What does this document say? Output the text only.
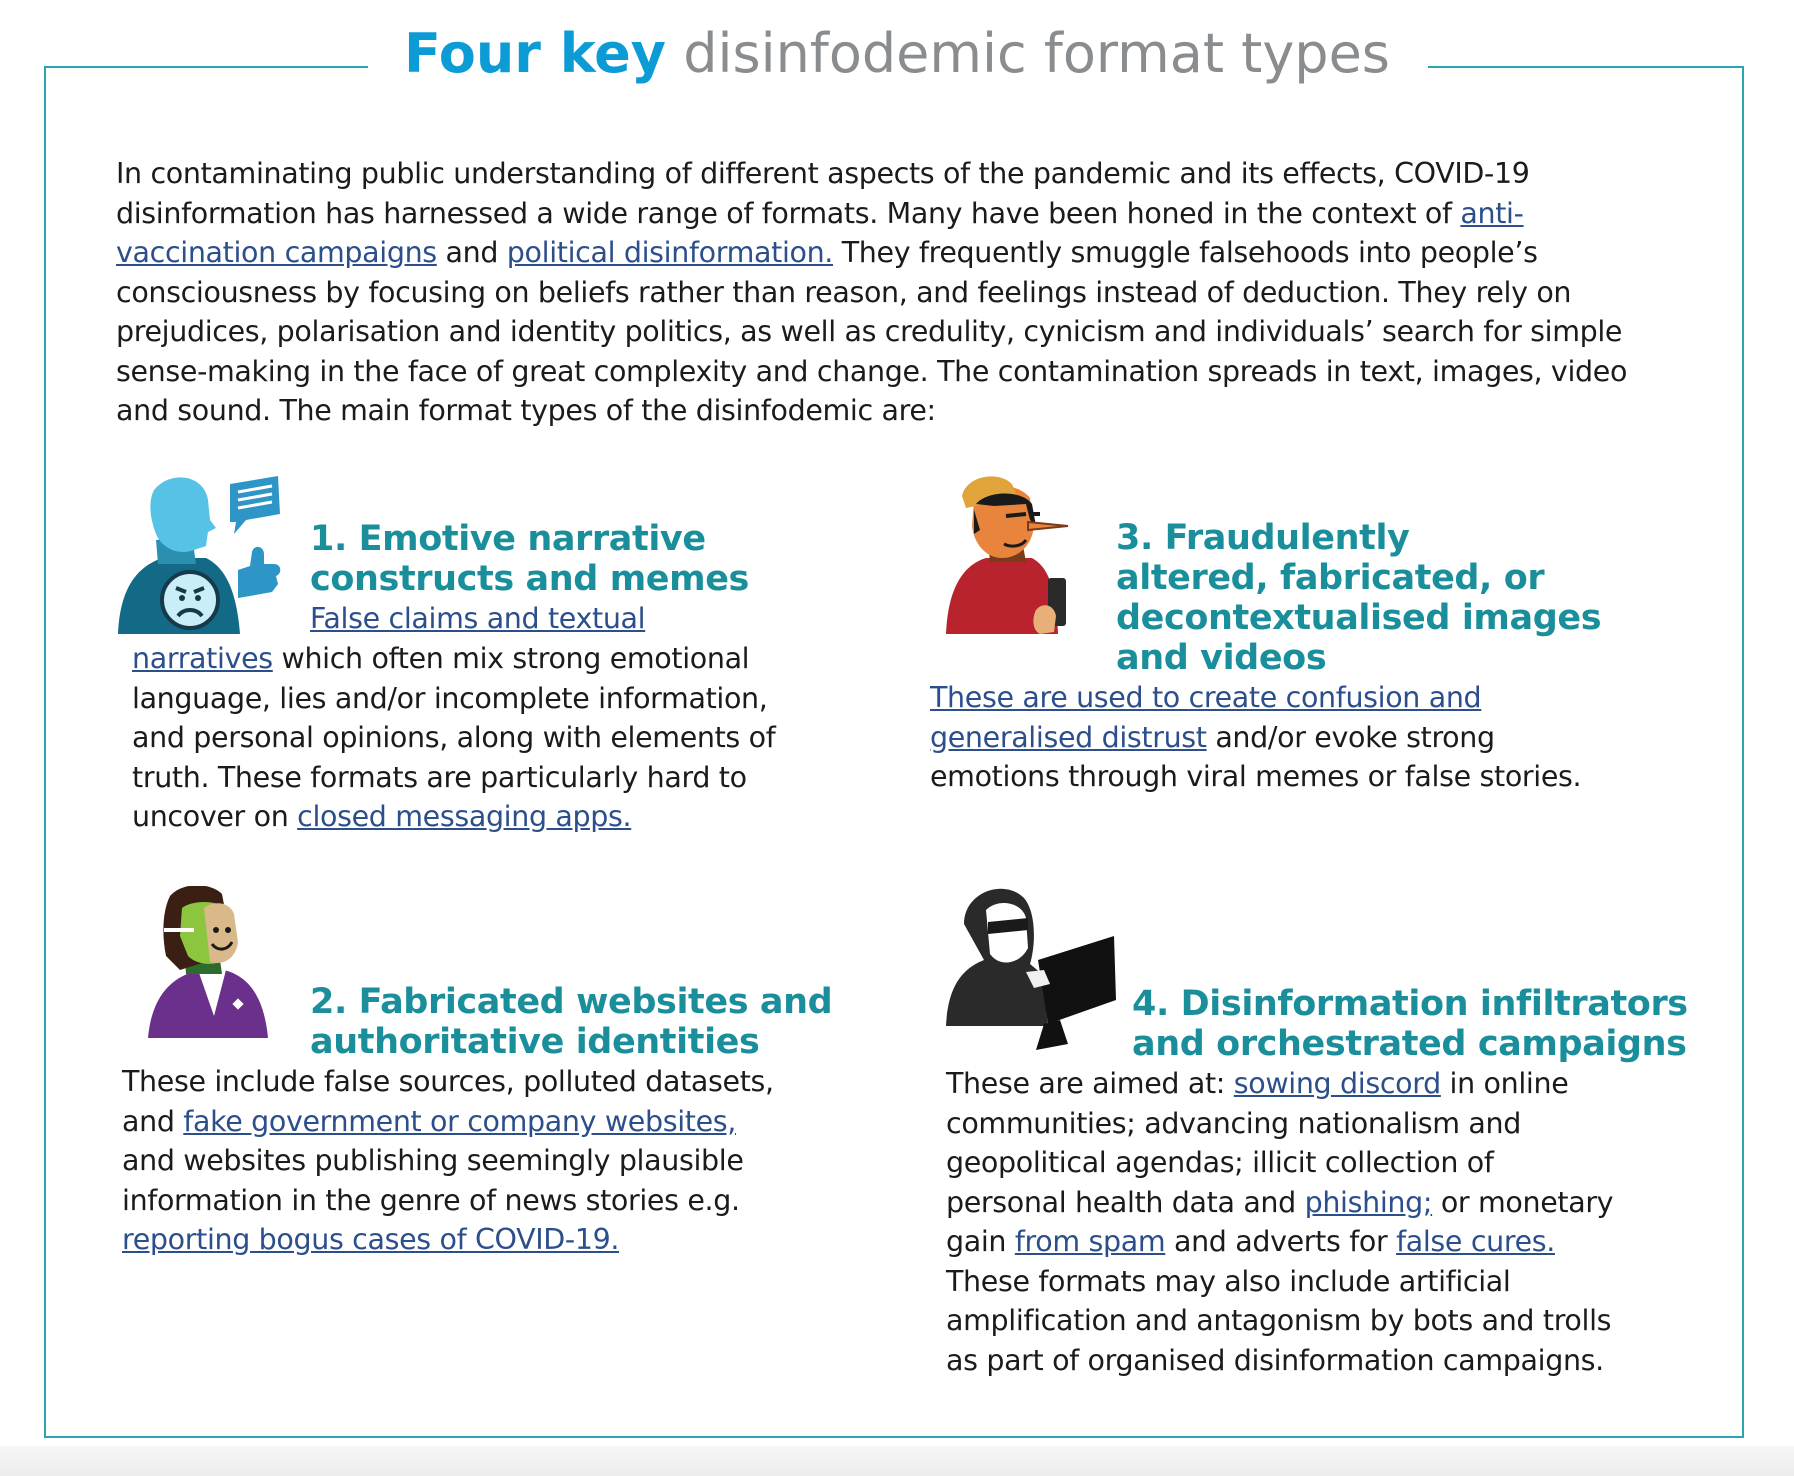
Four key disinfodemic format types

In contaminating public understanding of different aspects of the pandemic and its effects, COVID-19 disinformation has harnessed a wide range of formats. Many have been honed in the context of anti-vaccination campaigns and political disinformation. They frequently smuggle falsehoods into people’s consciousness by focusing on beliefs rather than reason, and feelings instead of deduction. They rely on prejudices, polarisation and identity politics, as well as credulity, cynicism and individuals’ search for simple sense-making in the face of great complexity and change. The contamination spreads in text, images, video and sound. The main format types of the disinfodemic are:

1. Emotive narrative
constructs and memes

False claims and textual

narratives which often mix strong emotional
language, lies and/or incomplete information,
and personal opinions, along with elements of
truth. These formats are particularly hard to
uncover on closed messaging apps.

2. Fabricated websites and
authoritative identities

These include false sources, polluted datasets,
and fake government or company websites,
and websites publishing seemingly plausible
information in the genre of news stories e.g.
reporting bogus cases of COVID-19.

3. Fraudulently
altered, fabricated, or
decontextualised images
and videos

These are used to create confusion and
generalised distrust and/or evoke strong
emotions through viral memes or false stories.

4. Disinformation infiltrators
and orchestrated campaigns

These are aimed at: sowing discord in online
communities; advancing nationalism and
geopolitical agendas; illicit collection of
personal health data and phishing; or monetary
gain from spam and adverts for false cures.
These formats may also include artificial
amplification and antagonism by bots and trolls
as part of organised disinformation campaigns.
